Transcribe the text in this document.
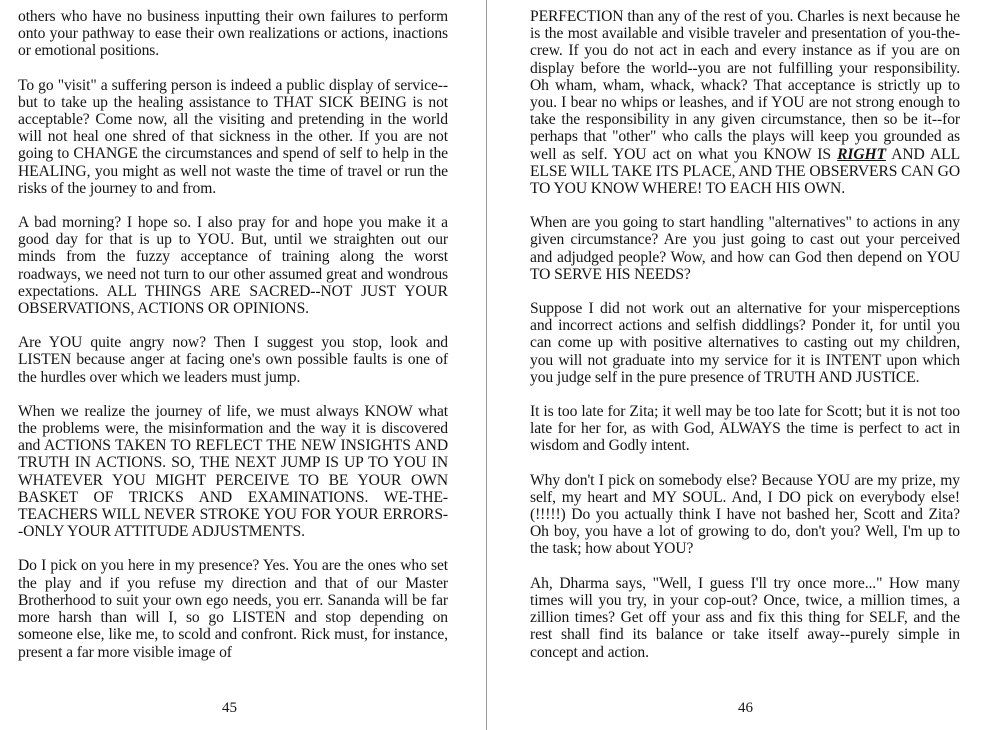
others who have no business inputting their own failures to perform onto your pathway to ease their own realizations or actions, inactions or emotional positions.

To go "visit" a suffering person is indeed a public display of service--but to take up the healing assistance to THAT SICK BEING is not acceptable? Come now, all the visiting and pretending in the world will not heal one shred of that sickness in the other. If you are not going to CHANGE the circumstances and spend of self to help in the HEALING, you might as well not waste the time of travel or run the risks of the journey to and from.

A bad morning? I hope so. I also pray for and hope you make it a good day for that is up to YOU. But, until we straighten out our minds from the fuzzy acceptance of training along the worst roadways, we need not turn to our other assumed great and wondrous expectations. ALL THINGS ARE SACRED--NOT JUST YOUR OBSERVATIONS, ACTIONS OR OPINIONS.

Are YOU quite angry now? Then I suggest you stop, look and LISTEN because anger at facing one's own possible faults is one of the hurdles over which we leaders must jump.

When we realize the journey of life, we must always KNOW what the problems were, the misinformation and the way it is discovered and ACTIONS TAKEN TO REFLECT THE NEW INSIGHTS AND TRUTH IN ACTIONS. SO, THE NEXT JUMP IS UP TO YOU IN WHATEVER YOU MIGHT PERCEIVE TO BE YOUR OWN BASKET OF TRICKS AND EXAMINATIONS. WE-THE-TEACHERS WILL NEVER STROKE YOU FOR YOUR ERRORS--ONLY YOUR ATTITUDE ADJUSTMENTS.

Do I pick on you here in my presence? Yes. You are the ones who set the play and if you refuse my direction and that of our Master Brotherhood to suit your own ego needs, you err. Sananda will be far more harsh than will I, so go LISTEN and stop depending on someone else, like me, to scold and confront. Rick must, for instance, present a far more visible image of

45

PERFECTION than any of the rest of you. Charles is next because he is the most available and visible traveler and presentation of you-the-crew. If you do not act in each and every instance as if you are on display before the world--you are not fulfilling your responsibility. Oh wham, wham, whack, whack? That acceptance is strictly up to you. I bear no whips or leashes, and if YOU are not strong enough to take the responsibility in any given circumstance, then so be it--for perhaps that "other" who calls the plays will keep you grounded as well as self. YOU act on what you KNOW IS RIGHT AND ALL ELSE WILL TAKE ITS PLACE, AND THE OBSERVERS CAN GO TO YOU KNOW WHERE! TO EACH HIS OWN.

When are you going to start handling "alternatives" to actions in any given circumstance? Are you just going to cast out your perceived and adjudged people? Wow, and how can God then depend on YOU TO SERVE HIS NEEDS?

Suppose I did not work out an alternative for your misperceptions and incorrect actions and selfish diddlings? Ponder it, for until you can come up with positive alternatives to casting out my children, you will not graduate into my service for it is INTENT upon which you judge self in the pure presence of TRUTH AND JUSTICE.

It is too late for Zita; it well may be too late for Scott; but it is not too late for her for, as with God, ALWAYS the time is perfect to act in wisdom and Godly intent.

Why don't I pick on somebody else? Because YOU are my prize, my self, my heart and MY SOUL. And, I DO pick on everybody else! (!!!!!) Do you actually think I have not bashed her, Scott and Zita? Oh boy, you have a lot of growing to do, don't you? Well, I'm up to the task; how about YOU?

Ah, Dharma says, "Well, I guess I'll try once more..." How many times will you try, in your cop-out? Once, twice, a million times, a zillion times? Get off your ass and fix this thing for SELF, and the rest shall find its balance or take itself away--purely simple in concept and action.

46
